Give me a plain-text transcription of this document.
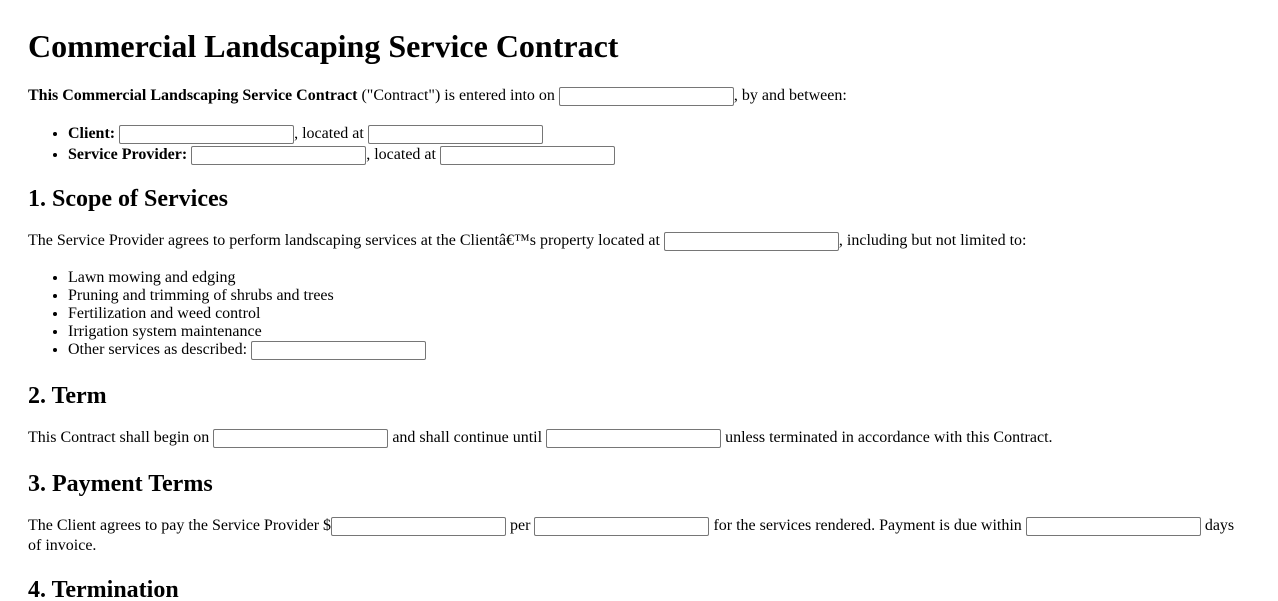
Commercial Landscaping Service Contract

This Commercial Landscaping Service Contract ("Contract") is entered into on	, by and between:

• Client:	, located at
• Service Provider:	, located at
1. Scope of Services

The Service Provider agrees to perform landscaping services at the Clientâ€™s property located at	, including but not limited to:

• Lawn mowing and edging
• Pruning and trimming of shrubs and trees
• Fertilization and weed control
• Irrigation system maintenance
• Other services as described:
2. Term

This Contract shall begin on	and shall continue until	unless terminated in accordance with this Contract.

3. Payment Terms

The Client agrees to pay the Service Provider $	per	for the services rendered. Payment is due within	days of invoice.

4. Termination
